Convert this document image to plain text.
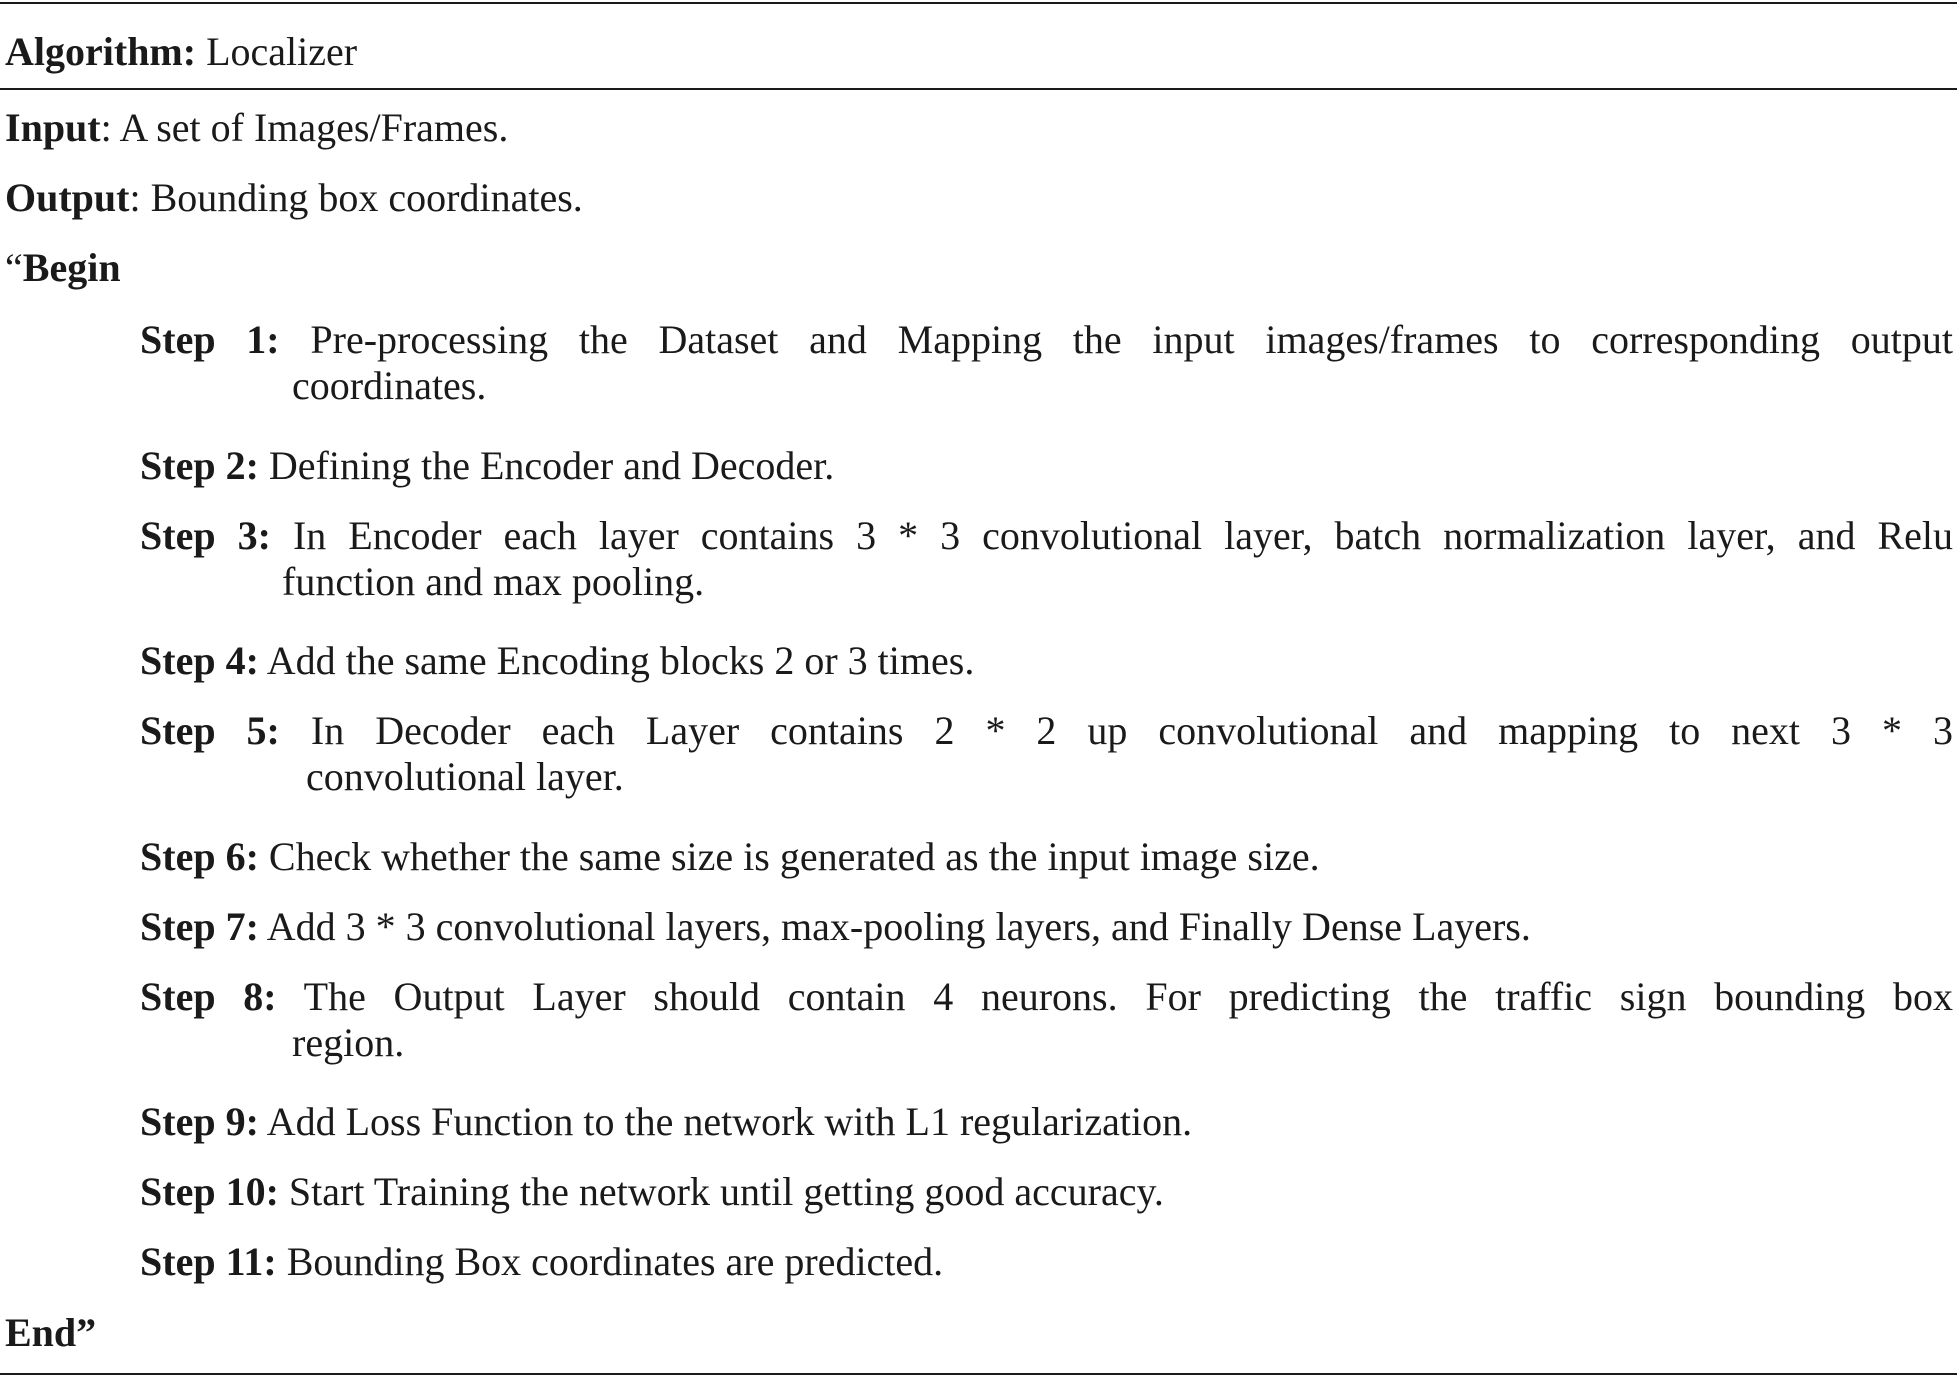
Algorithm: Localizer
Input: A set of Images/Frames.
Output: Bounding box coordinates.
“Begin
Step 1: Pre-processing the Dataset and Mapping the input images/frames to corresponding output
coordinates.
Step 2: Defining the Encoder and Decoder.
Step 3: In Encoder each layer contains 3 * 3 convolutional layer, batch normalization layer, and Relu
function and max pooling.
Step 4: Add the same Encoding blocks 2 or 3 times.
Step 5: In Decoder each Layer contains 2 * 2 up convolutional and mapping to next 3 * 3
convolutional layer.
Step 6: Check whether the same size is generated as the input image size.
Step 7: Add 3 * 3 convolutional layers, max-pooling layers, and Finally Dense Layers.
Step 8: The Output Layer should contain 4 neurons. For predicting the traffic sign bounding box
region.
Step 9: Add Loss Function to the network with L1 regularization.
Step 10: Start Training the network until getting good accuracy.
Step 11: Bounding Box coordinates are predicted.
End”
